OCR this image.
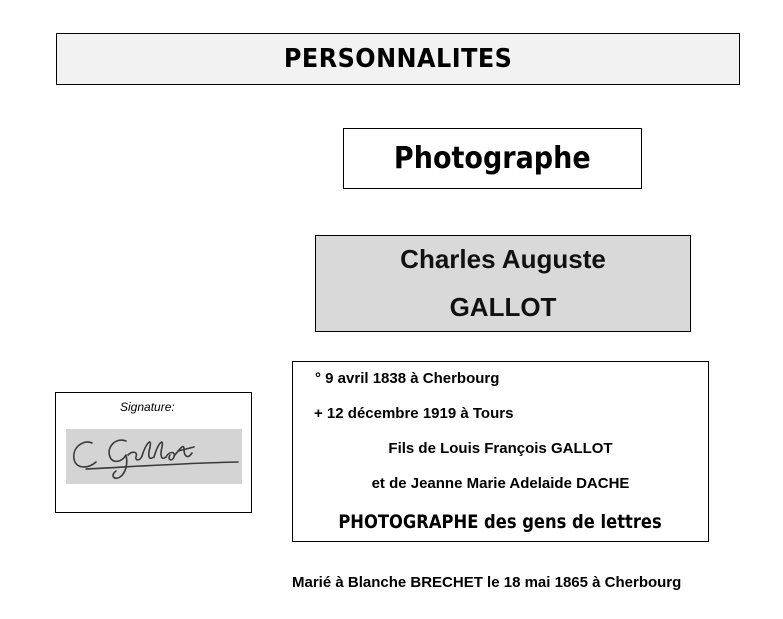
PERSONNALITES
Photographe
Charles Auguste
GALLOT
Signature:
° 9 avril 1838 à Cherbourg
+ 12 décembre 1919 à Tours
Fils de Louis François GALLOT
et de Jeanne Marie Adelaide DACHE
PHOTOGRAPHE des gens de lettres
Marié à Blanche BRECHET le 18 mai 1865 à Cherbourg
